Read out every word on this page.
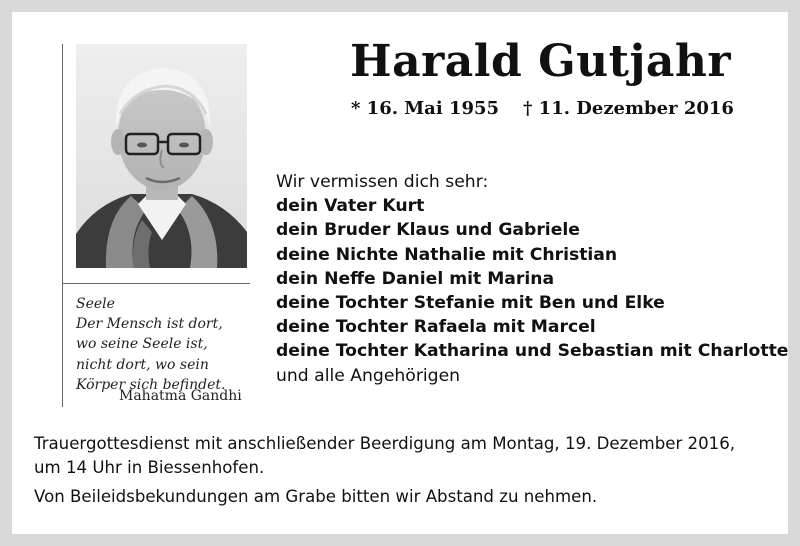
Harald Gutjahr
* 16. Mai 1955 † 11. Dezember 2016
Wir vermissen dich sehr:
dein Vater Kurt
dein Bruder Klaus und Gabriele
deine Nichte Nathalie mit Christian
dein Neffe Daniel mit Marina
deine Tochter Stefanie mit Ben und Elke
deine Tochter Rafaela mit Marcel
deine Tochter Katharina und Sebastian mit Charlotte
und alle Angehörigen
Seele
Der Mensch ist dort,
wo seine Seele ist,
nicht dort, wo sein
Körper sich befindet.
Mahatma Gandhi
Trauergottesdienst mit anschließender Beerdigung am Montag, 19. Dezember 2016,
um 14 Uhr in Biessenhofen.
Von Beileidsbekundungen am Grabe bitten wir Abstand zu nehmen.
